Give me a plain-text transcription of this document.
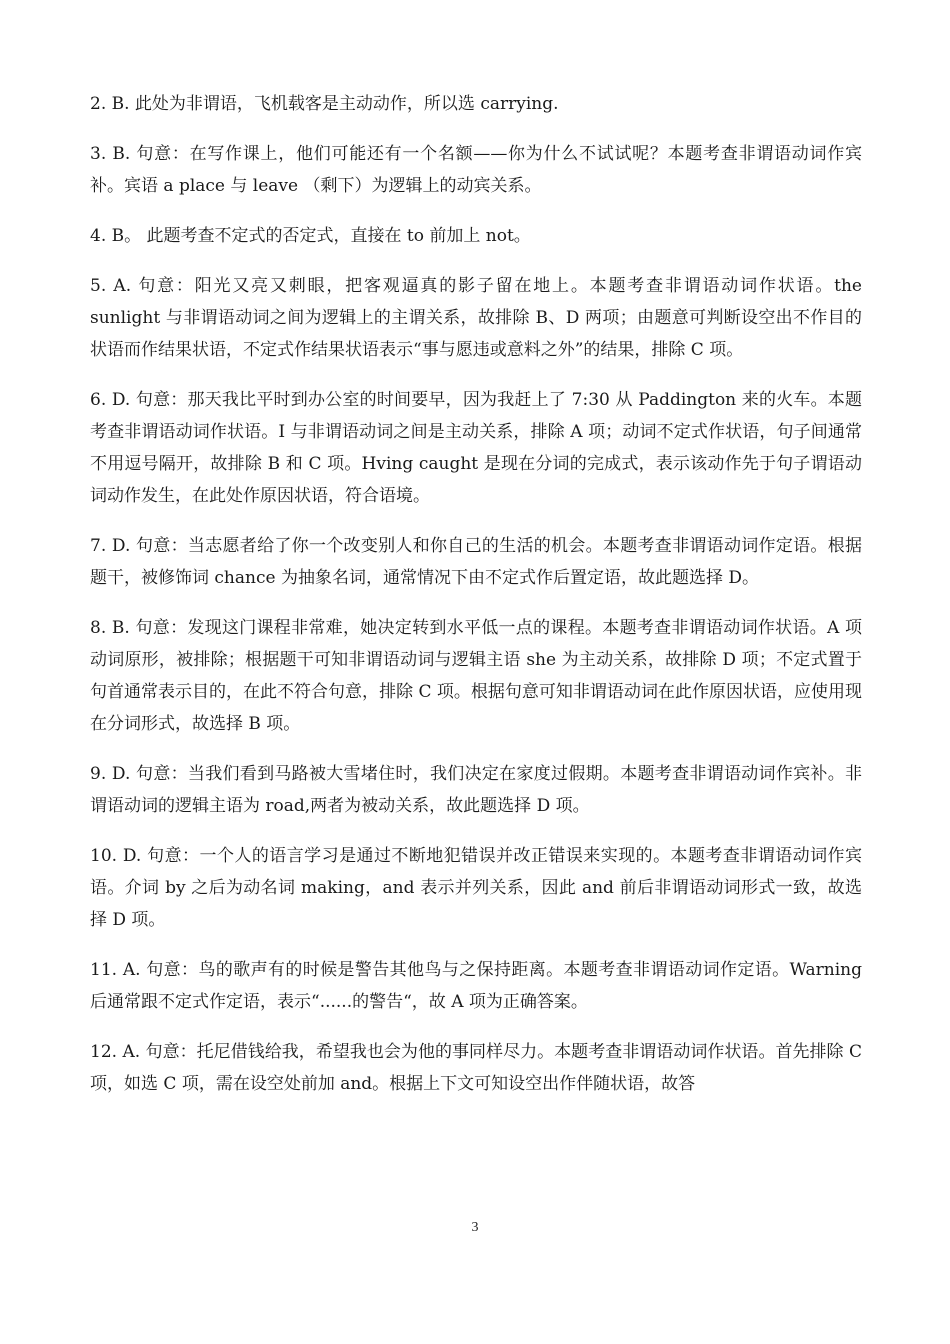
2. B. 此处为非谓语，飞机载客是主动动作，所以选 carrying.

3. B. 句意：在写作课上，他们可能还有一个名额——你为什么不试试呢？本题考查非谓语动词作宾补。宾语 a place 与 leave （剩下）为逻辑上的动宾关系。

4. B。 此题考查不定式的否定式，直接在 to 前加上 not。

5. A. 句意：阳光又亮又刺眼，把客观逼真的影子留在地上。本题考查非谓语动词作状语。the sunlight 与非谓语动词之间为逻辑上的主谓关系，故排除 B、D 两项；由题意可判断设空出不作目的状语而作结果状语，不定式作结果状语表示“事与愿违或意料之外”的结果，排除 C 项。

6. D. 句意：那天我比平时到办公室的时间要早，因为我赶上了 7:30 从 Paddington 来的火车。本题考查非谓语动词作状语。I 与非谓语动词之间是主动关系，排除 A 项；动词不定式作状语，句子间通常不用逗号隔开，故排除 B 和 C 项。Hving caught 是现在分词的完成式，表示该动作先于句子谓语动词动作发生，在此处作原因状语，符合语境。

7. D. 句意：当志愿者给了你一个改变别人和你自己的生活的机会。本题考查非谓语动词作定语。根据题干，被修饰词 chance 为抽象名词，通常情况下由不定式作后置定语，故此题选择 D。

8. B. 句意：发现这门课程非常难，她决定转到水平低一点的课程。本题考查非谓语动词作状语。A 项动词原形，被排除；根据题干可知非谓语动词与逻辑主语 she 为主动关系，故排除 D 项；不定式置于句首通常表示目的，在此不符合句意，排除 C 项。根据句意可知非谓语动词在此作原因状语，应使用现在分词形式，故选择 B 项。

9. D. 句意：当我们看到马路被大雪堵住时，我们决定在家度过假期。本题考查非谓语动词作宾补。非谓语动词的逻辑主语为 road,两者为被动关系，故此题选择 D 项。

10. D. 句意：一个人的语言学习是通过不断地犯错误并改正错误来实现的。本题考查非谓语动词作宾语。介词 by 之后为动名词 making，and 表示并列关系，因此 and 前后非谓语动词形式一致，故选择 D 项。

11. A. 句意：鸟的歌声有的时候是警告其他鸟与之保持距离。本题考查非谓语动词作定语。Warning 后通常跟不定式作定语，表示“......的警告“，故 A 项为正确答案。

12. A. 句意：托尼借钱给我，希望我也会为他的事同样尽力。本题考查非谓语动词作状语。首先排除 C 项，如选 C 项，需在设空处前加 and。根据上下文可知设空出作伴随状语，故答

3
